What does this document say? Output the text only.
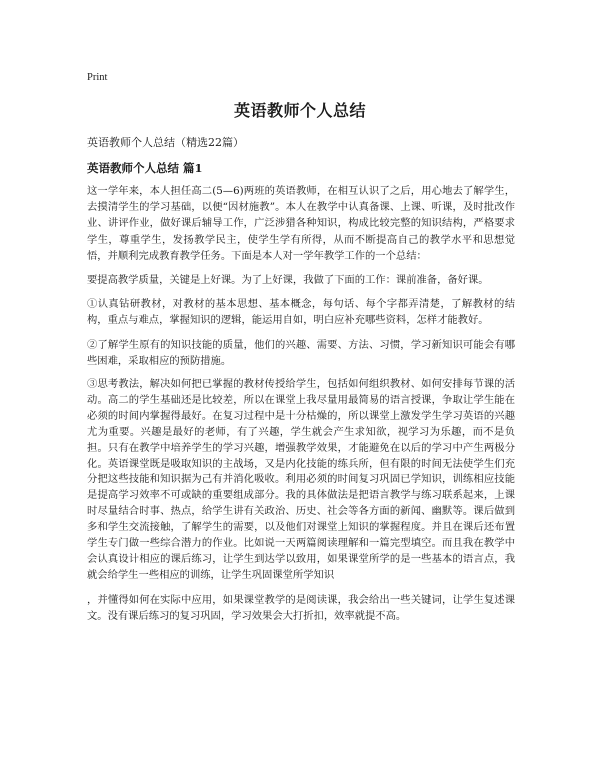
Print
英语教师个人总结
英语教师个人总结（精选22篇）
英语教师个人总结 篇1

这一学年来，本人担任高二(5—6)两班的英语教师，在相互认识了之后，用心地去了解学生，去摸清学生的学习基础，以便“因材施教”。本人在教学中认真备课、上课、听课，及时批改作业、讲评作业，做好课后辅导工作，广泛涉猎各种知识，构成比较完整的知识结构，严格要求学生，尊重学生，发扬教学民主，使学生学有所得，从而不断提高自己的教学水平和思想觉悟，并顺利完成教育教学任务。下面是本人对一学年教学工作的一个总结：

要提高教学质量，关键是上好课。为了上好课，我做了下面的工作：课前准备，备好课。

①认真钻研教材，对教材的基本思想、基本概念，每句话、每个字都弄清楚，了解教材的结构，重点与难点，掌握知识的逻辑，能运用自如，明白应补充哪些资料，怎样才能教好。

②了解学生原有的知识技能的质量，他们的兴趣、需要、方法、习惯，学习新知识可能会有哪些困难，采取相应的预防措施。

③思考教法，解决如何把已掌握的教材传授给学生，包括如何组织教材、如何安排每节课的活动。高二的学生基础还是比较差，所以在课堂上我尽量用最简易的语言授课，争取让学生能在必须的时间内掌握得最好。在复习过程中是十分枯燥的，所以课堂上激发学生学习英语的兴趣尤为重要。兴趣是最好的老师，有了兴趣，学生就会产生求知欲，视学习为乐趣，而不是负担。只有在教学中培养学生的学习兴趣，增强教学效果，才能避免在以后的学习中产生两极分化。英语课堂既是吸取知识的主战场，又是内化技能的练兵所，但有限的时间无法使学生们充分把这些技能和知识据为己有并消化吸收。利用必须的时间复习巩固已学知识，训练相应技能是提高学习效率不可或缺的重要组成部分。我的具体做法是把语言教学与练习联系起来，上课时尽量结合时事、热点，给学生讲有关政治、历史、社会等各方面的新闻、幽默等。课后做到多和学生交流接触，了解学生的需要，以及他们对课堂上知识的掌握程度。并且在课后还布置学生专门做一些综合潜力的作业。比如说一天两篇阅读理解和一篇完型填空。而且我在教学中会认真设计相应的课后练习，让学生到达学以致用，如果课堂所学的是一些基本的语言点，我就会给学生一些相应的训练，让学生巩固课堂所学知识

，并懂得如何在实际中应用，如果课堂教学的是阅读课，我会给出一些关键词，让学生复述课文。没有课后练习的复习巩固，学习效果会大打折扣，效率就提不高。
